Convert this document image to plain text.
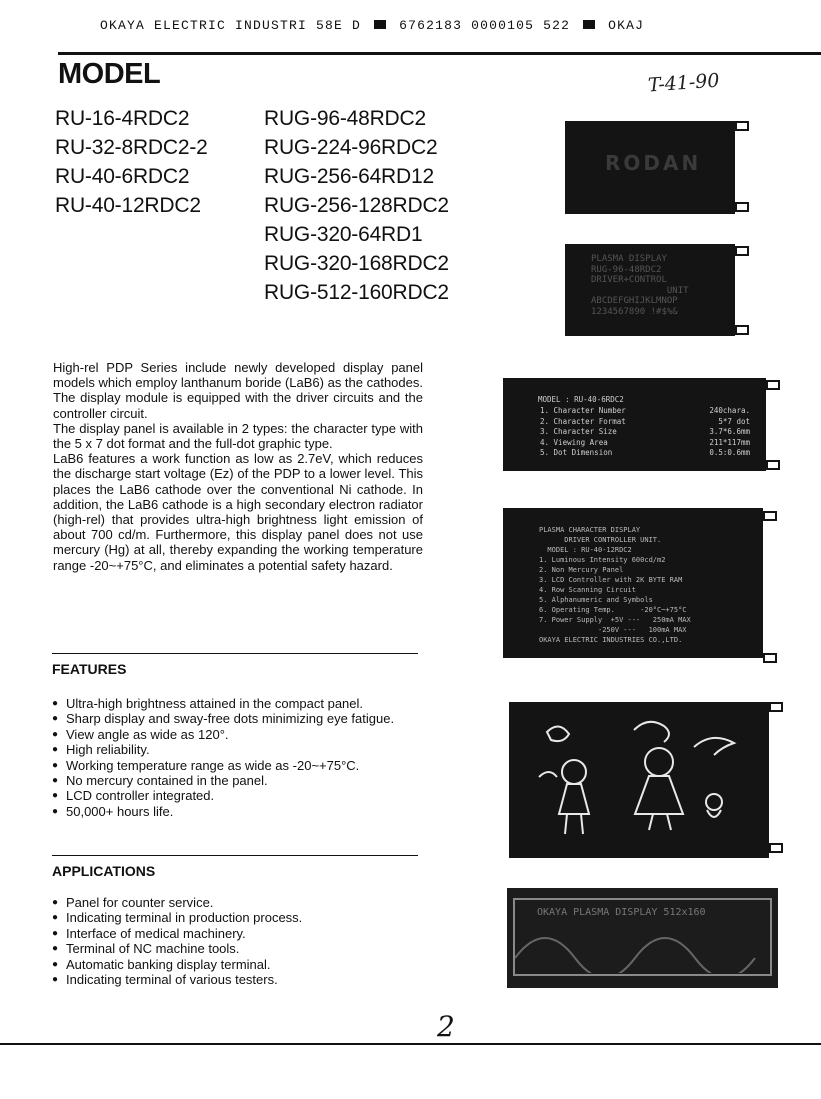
OKAYA ELECTRIC INDUSTRI 58E D	6762183 0000105 522	OKAJ
MODEL	T-41-90
RU-16-4RDC2
RU-32-8RDC2-2
RU-40-6RDC2
RU-40-12RDC2
RUG-96-48RDC2
RUG-224-96RDC2
RUG-256-64RD12
RUG-256-128RDC2
RUG-320-64RD1
RUG-320-168RDC2
RUG-512-160RDC2

High-rel PDP Series include newly developed display panel models which employ lanthanum boride (LaB6) as the cathodes. The display module is equipped with the driver circuits and the controller circuit.

The display panel is available in 2 types: the character type with the 5 x 7 dot format and the full-dot graphic type.

LaB6 features a work function as low as 2.7eV, which reduces the discharge start voltage (Ez) of the PDP to a lower level. This places the LaB6 cathode over the conventional Ni cathode. In addition, the LaB6 cathode is a high secondary electron radiator (high-rel) that provides ultra-high brightness light emission of about 700 cd/m. Furthermore, this display panel does not use mercury (Hg) at all, thereby expanding the working temperature range -20~+75°C, and eliminates a potential safety hazard.

FEATURES
● Ultra-high brightness attained in the compact panel.
● Sharp display and sway-free dots minimizing eye fatigue.
● View angle as wide as 120°.
● High reliability.
● Working temperature range as wide as -20~+75°C.
● No mercury contained in the panel.
● LCD controller integrated.
● 50,000+ hours life.
APPLICATIONS
● Panel for counter service.
● Indicating terminal in production process.
● Interface of medical machinery.
● Terminal of NC machine tools.
● Automatic banking display terminal.
● Indicating terminal of various testers.
RODAN
PLASMA DISPLAY
RUG-96-48RDC2
DRIVER+CONTROL
UNIT
ABCDEFGHIJKLMNOP
1234567890 !#$%&
MODEL : RU-40-6RDC2
1. Character Number	240chara.
2. Character Format	5*7 dot
3. Character Size	3.7*6.6mm
4. Viewing Area	211*117mm
5. Dot Dimension	0.5:0.6mm
PLASMA CHARACTER DISPLAY
DRIVER CONTROLLER UNIT.
MODEL : RU-40-12RDC2
1. Luminous Intensity 600cd/m2
2. Non Mercury Panel
3. LCD Controller with 2K BYTE RAM
4. Row Scanning Circuit
5. Alphanumeric and Symbols
6. Operating Temp.      -20°C~+75°C
7. Power Supply  +5V ---   250mA MAX
-250V ---   100mA MAX
OKAYA ELECTRIC INDUSTRIES CO.,LTD.
OKAYA PLASMA DISPLAY 512x160
2
